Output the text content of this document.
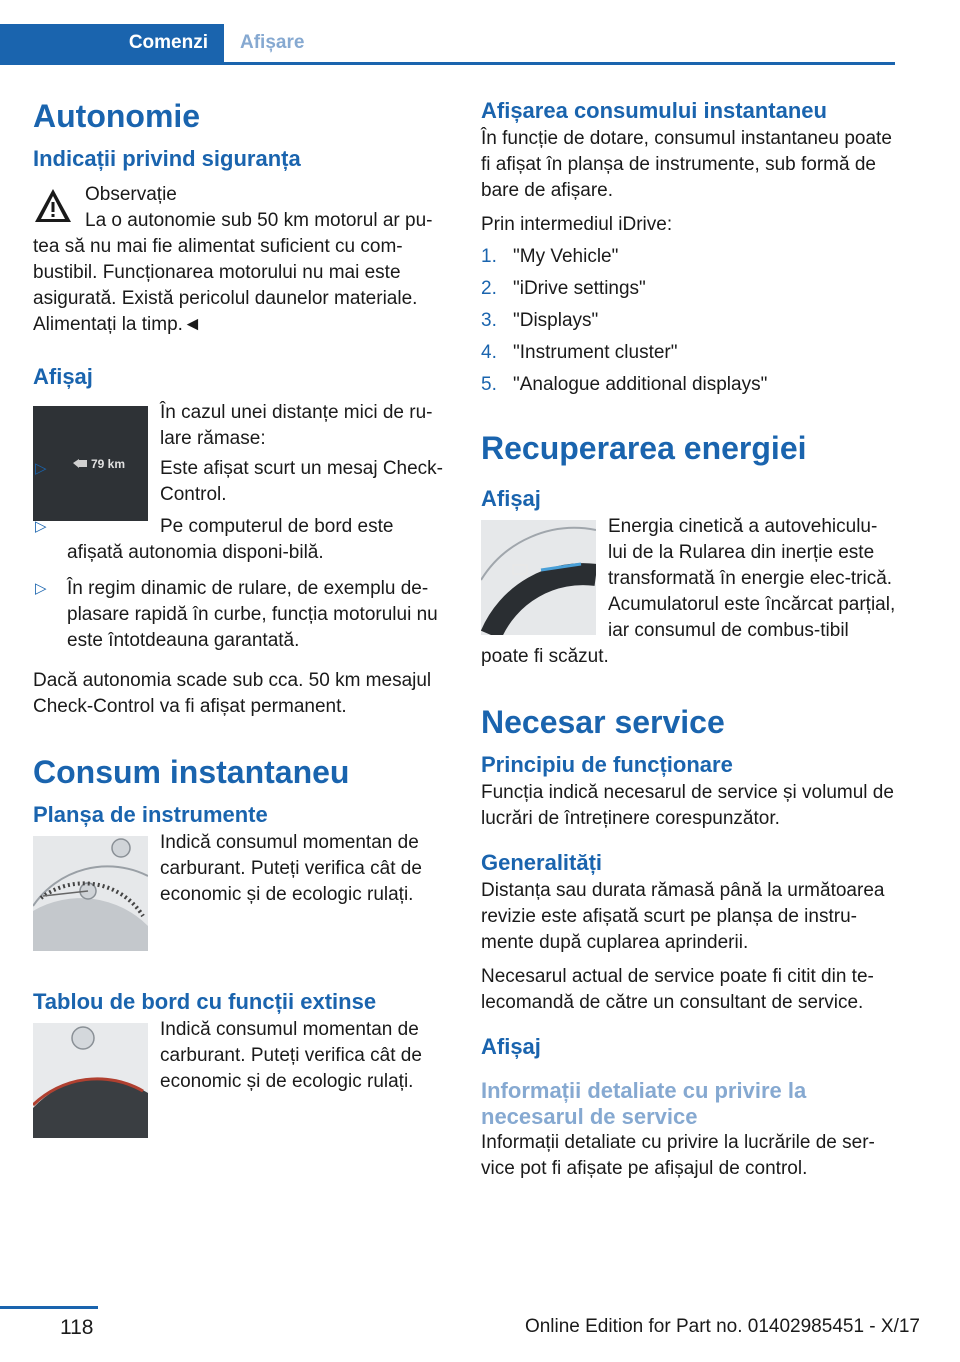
Comenzi	Afișare
Autonomie
Indicații privind siguranța

Observație

La o autonomie sub 50 km motorul ar pu-tea să nu mai fie alimentat suficient cu com-bustibil. Funcționarea motorului nu mai este asigurată. Există pericolul daunelor materiale. Alimentați la timp.◄

Afișaj
79 km

În cazul unei distanțe mici de ru-lare rămase:

▷ Este afișat scurt un mesaj Check-Control.
▷ Pe computerul de bord este afișată autonomia disponi-bilă.
▷ În regim dinamic de rulare, de exemplu de-plasare rapidă în curbe, funcția motorului nu este întotdeauna garantată.

Dacă autonomia scade sub cca. 50 km mesajul Check-Control va fi afișat permanent.

Consum instantaneu
Planșa de instrumente

Indică consumul momentan de carburant. Puteți verifica cât de economic și de ecologic rulați.

Tablou de bord cu funcții extinse

Indică consumul momentan de carburant. Puteți verifica cât de economic și de ecologic rulați.

Afișarea consumului instantaneu

În funcție de dotare, consumul instantaneu poate fi afișat în planșa de instrumente, sub formă de bare de afișare.

Prin intermediul iDrive:

1. "My Vehicle"
2. "iDrive settings"
3. "Displays"
4. "Instrument cluster"
5. "Analogue additional displays"
Recuperarea energiei
Afișaj

Energia cinetică a autovehiculu-lui de la Rularea din inerție este transformată în energie elec-trică. Acumulatorul este încărcat parțial, iar consumul de combus-tibil poate fi scăzut.

Necesar service
Principiu de funcționare

Funcția indică necesarul de service și volumul de lucrări de întreținere corespunzător.

Generalități

Distanța sau durata rămasă până la următoarea revizie este afișată scurt pe planșa de instru-mente după cuplarea aprinderii.

Necesarul actual de service poate fi citit din te-lecomandă de către un consultant de service.

Afișaj
Informații detaliate cu privire la necesarul de service

Informații detaliate cu privire la lucrările de ser-vice pot fi afișate pe afișajul de control.

118	Online Edition for Part no. 01402985451 - X/17
